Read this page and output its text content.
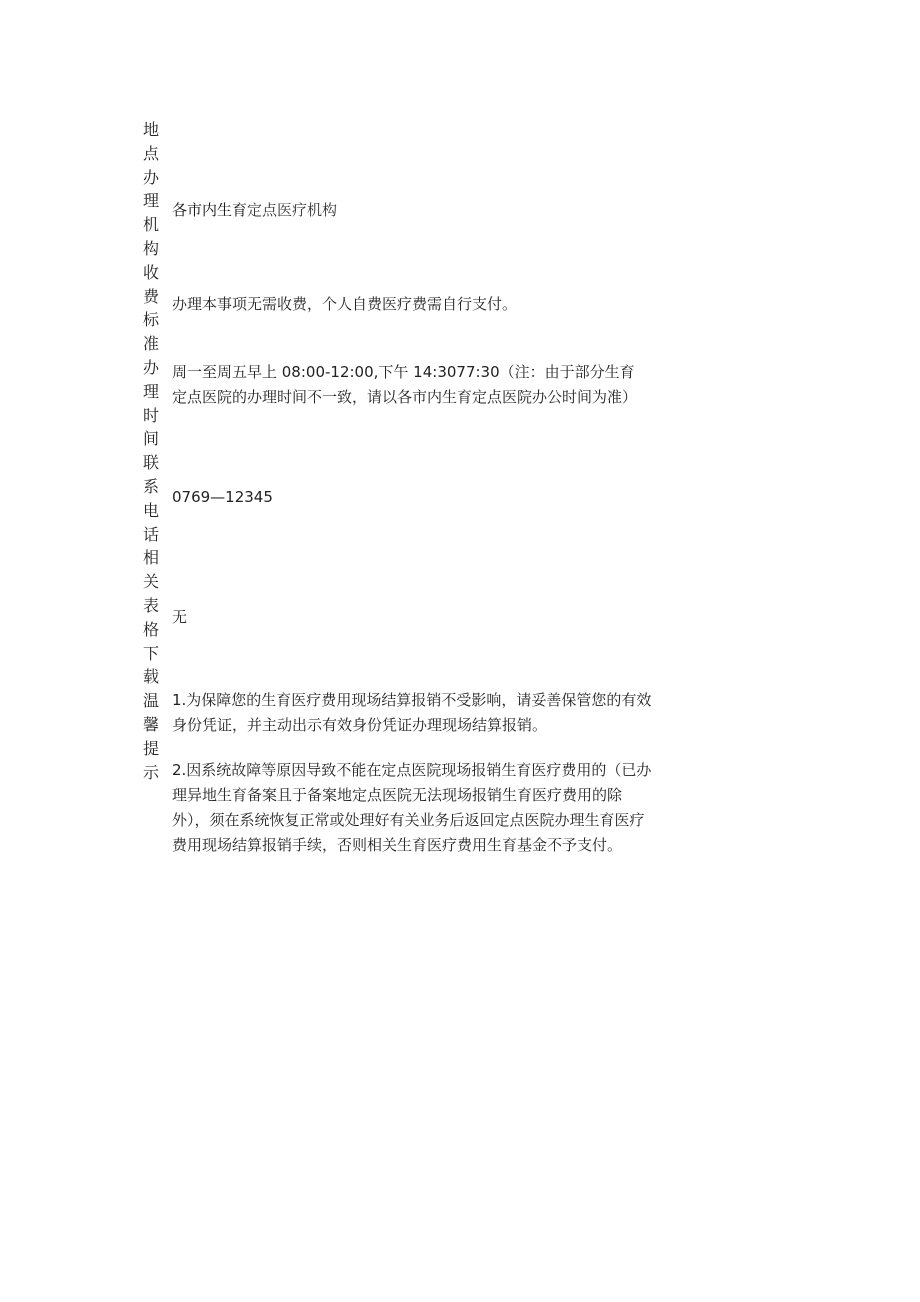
地
点
办
理
机
构
收
费
标
准
办
理
时
间
联
系
电
话
相
关
表
格
下
载
温
馨
提
示
各市内生育定点医疗机构
办理本事项无需收费，个人自费医疗费需自行支付。
周一至周五早上 08:00-12:00,下午 14:3077:30（注：由于部分生育
定点医院的办理时间不一致，请以各市内生育定点医院办公时间为准）
0769—12345
无
1.为保障您的生育医疗费用现场结算报销不受影响，请妥善保管您的有效
身份凭证，并主动出示有效身份凭证办理现场结算报销。
2.因系统故障等原因导致不能在定点医院现场报销生育医疗费用的（已办
理异地生育备案且于备案地定点医院无法现场报销生育医疗费用的除
外），须在系统恢复正常或处理好有关业务后返回定点医院办理生育医疗
费用现场结算报销手续，否则相关生育医疗费用生育基金不予支付。
